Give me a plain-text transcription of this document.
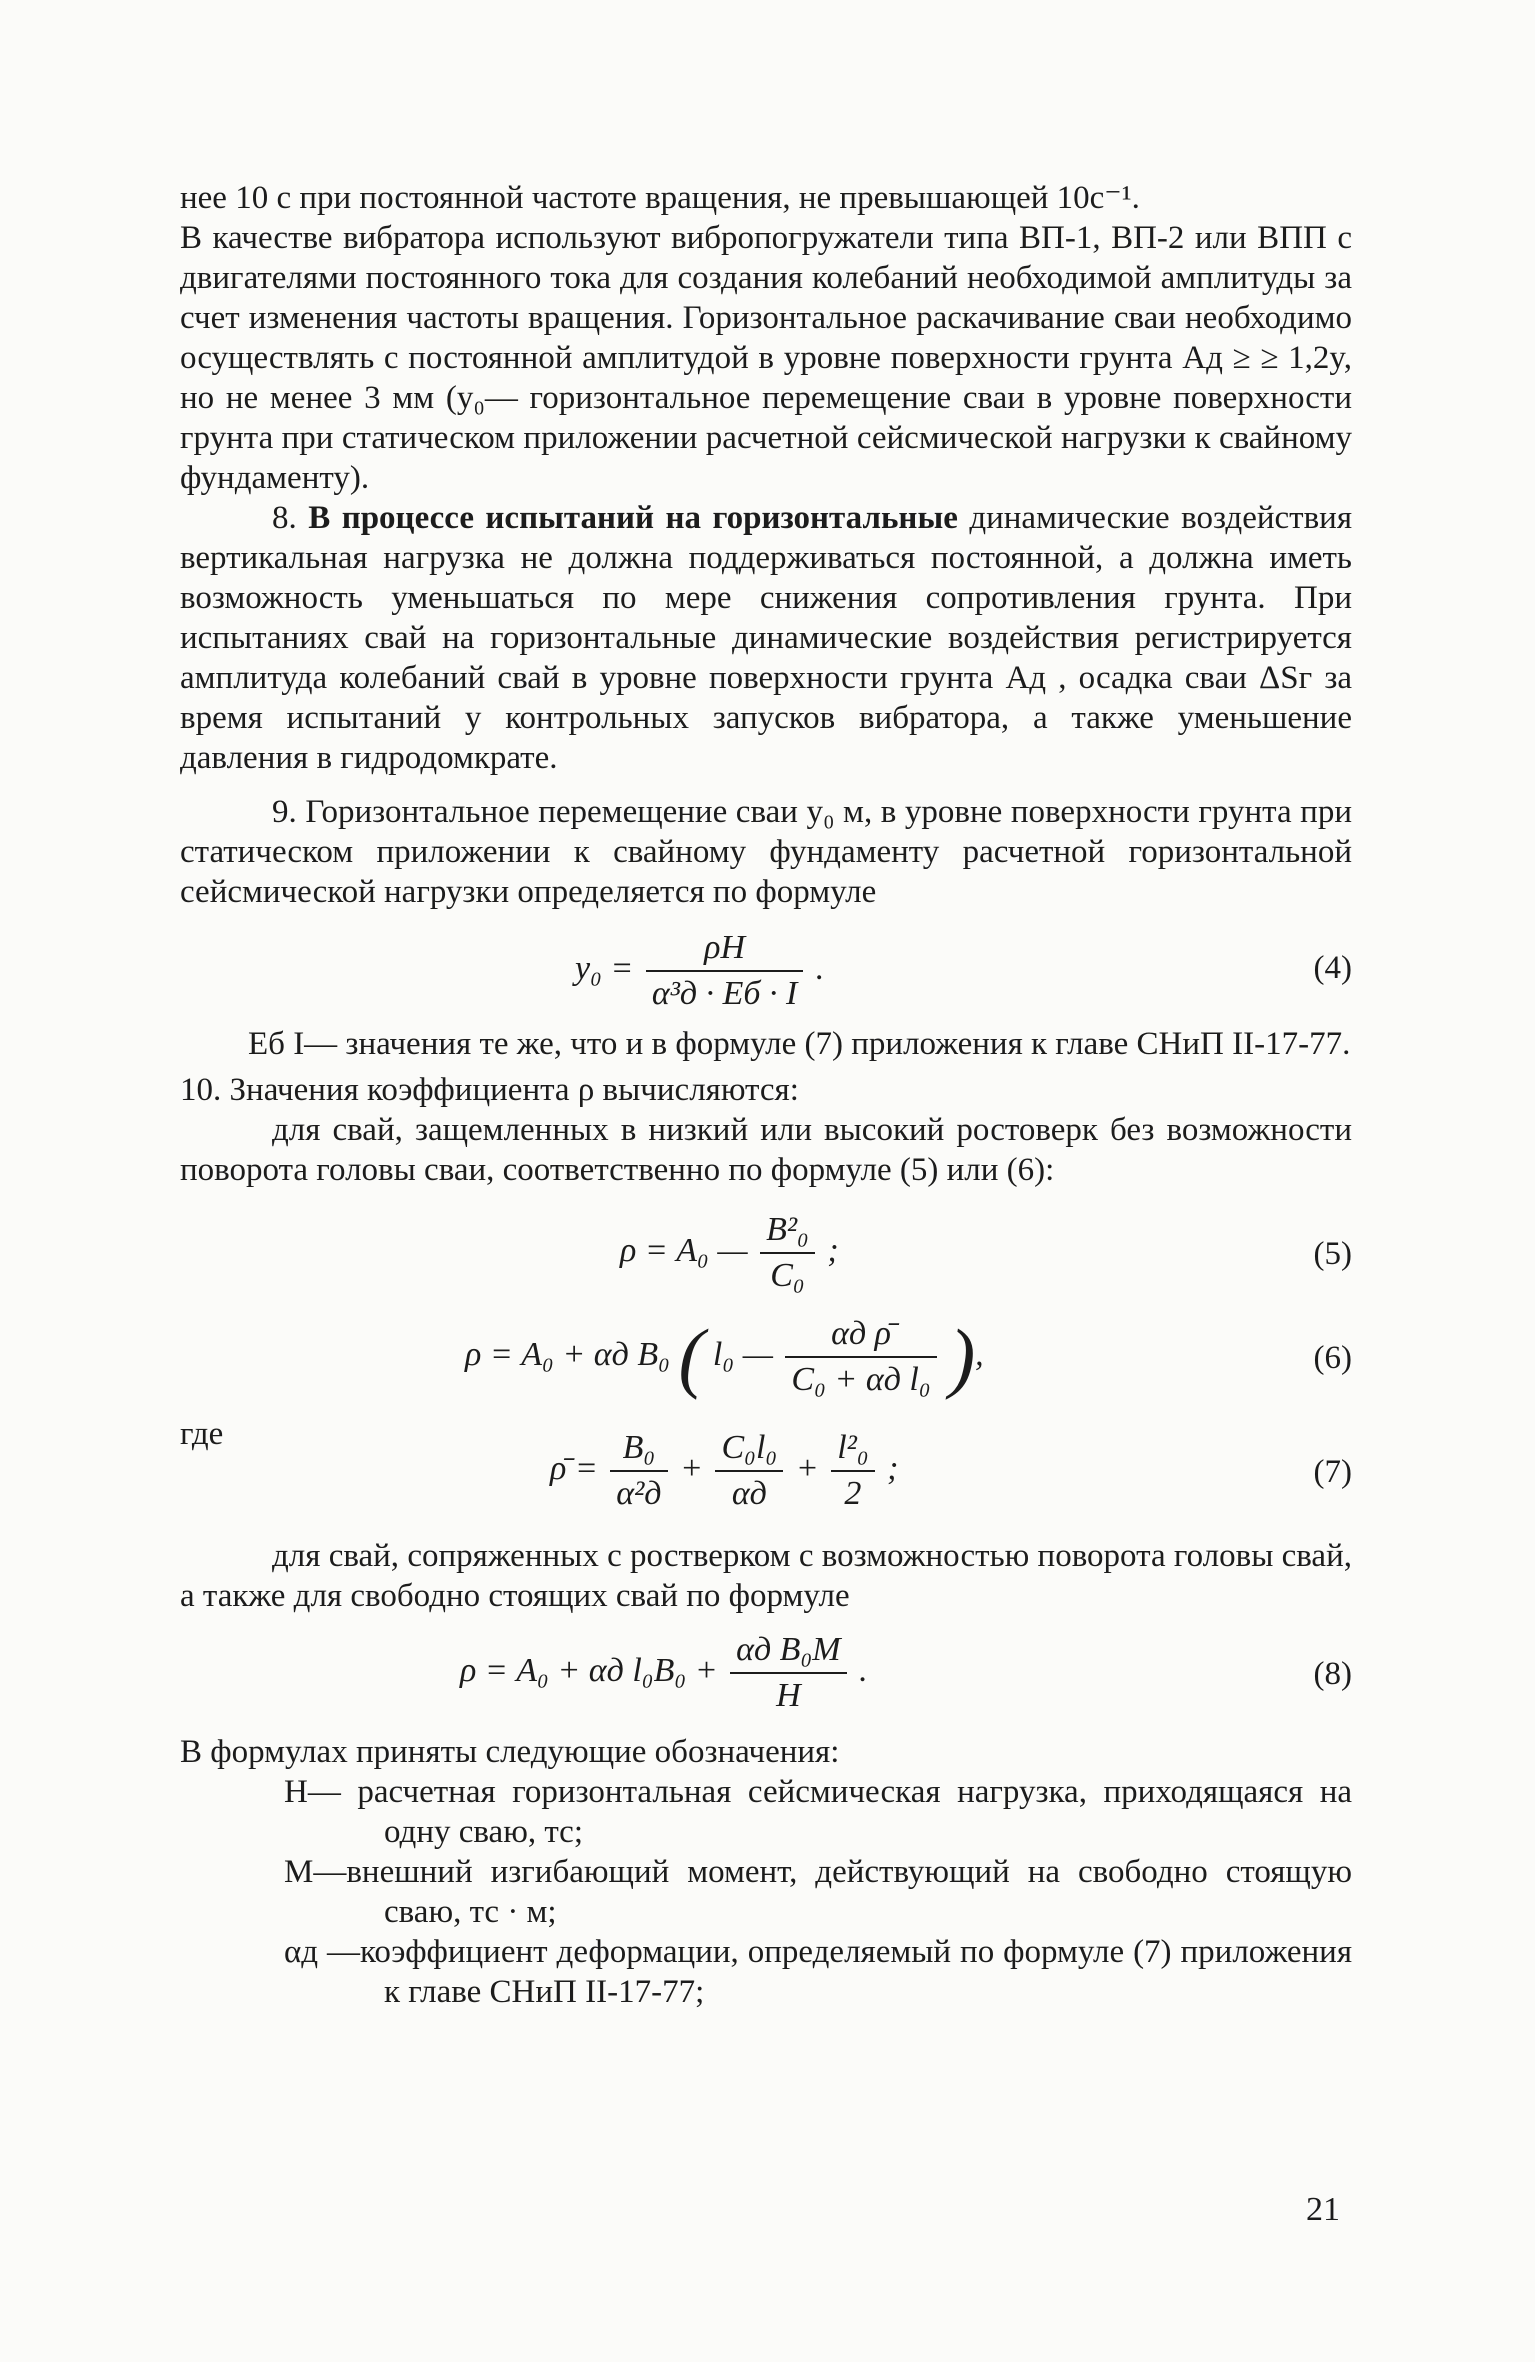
нее 10 с при постоянной частоте вращения, не превышающей 10с⁻¹.

В качестве вибратора используют вибропогружатели типа ВП-1, ВП-2 или ВПП с двигателями постоянного тока для создания колебаний необходимой амплитуды за счет изменения частоты вращения. Горизонтальное раскачивание сваи необходимо осуществлять с постоянной амплитудой в уровне поверхности грунта Aд ≥ ≥ 1,2y, но не менее 3 мм (y₀— горизонтальное перемещение сваи в уровне поверхности грунта при статическом приложении расчетной сейсмической нагрузки к свайному фундаменту).

8. В процессе испытаний на горизонтальные динамические воздействия вертикальная нагрузка не должна поддерживаться постоянной, а должна иметь возможность уменьшаться по мере снижения сопротивления грунта. При испытаниях свай на горизонтальные динамические воздействия регистрируется амплитуда колебаний свай в уровне поверхности грунта Aд , осадка сваи ΔSг за время испытаний у контрольных запусков вибратора, а также уменьшение давления в гидродомкрате.

9. Горизонтальное перемещение сваи y₀ м, в уровне поверхности грунта при статическом приложении к свайному фундаменту расчетной горизонтальной сейсмической нагрузки определяется по формуле

$y_0 = \frac{\rho H}{\text{α³д · Eб · I}}$ .	(4)

Eб I— значения те же, что и в формуле (7) приложения к главе СНиП II-17-77.

10. Значения коэффициента ρ вычисляются:

для свай, защемленных в низкий или высокий ростоверк без возможности поворота головы сваи, соответственно по формуле (5) или (6):

ρ = A₀ — $\frac{\text{B²₀}}{\text{C₀}}$ ;	(5)
ρ = A₀ + αд B₀ ( l₀ — $\frac{\text{αд ρ̄}}{\text{C₀ + αд l₀}}$ ),	(6)
где
ρ̄ = $\frac{\text{B₀}}{\text{α²д}} + \frac{\text{C₀l₀}}{\alpha д} + \frac{\text{l²₀}}{2}$ ;	(7)

для свай, сопряженных с ростверком с возможностью поворота головы свай, а также для свободно стоящих свай по формуле

ρ = A₀ + αд $l_0B_0 + \frac{\text{αд B₀M}}{H}$ .	(8)

В формулах приняты следующие обозначения:

H— расчетная горизонтальная сейсмическая нагрузка, приходящаяся на одну сваю, тс;

M—внешний изгибающий момент, действующий на свободно стоящую сваю, тс · м;

αд —коэффициент деформации, определяемый по формуле (7) приложения к главе СНиП II-17-77;

21
